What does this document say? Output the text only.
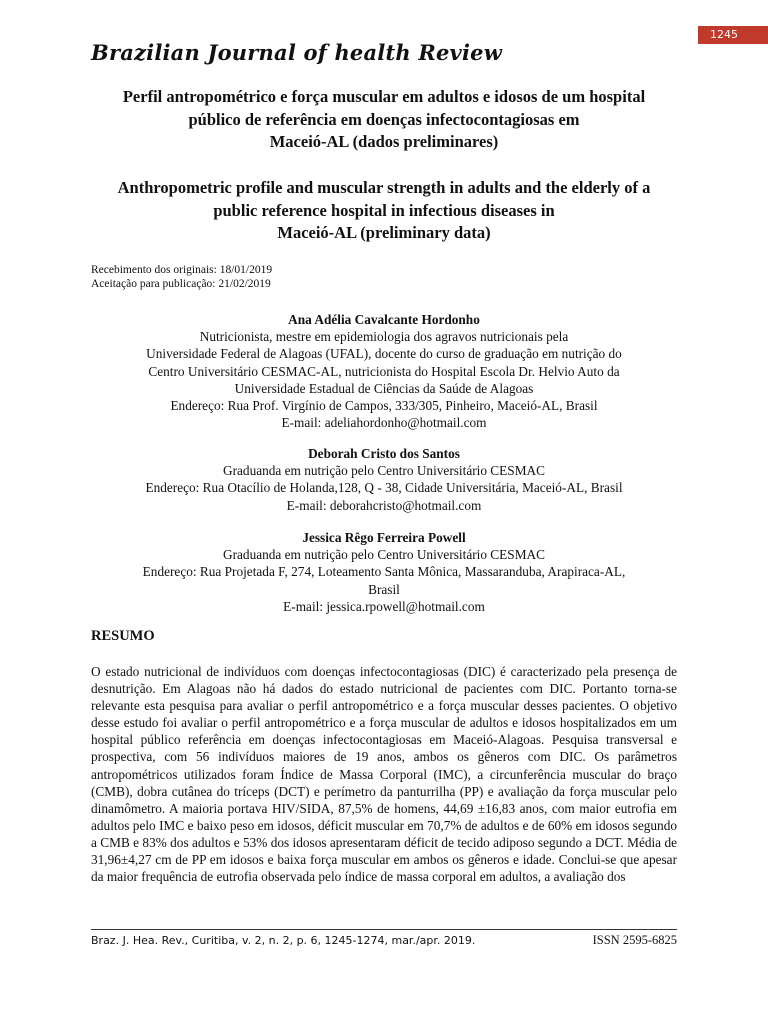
1245
Brazilian Journal of health Review
Perfil antropométrico e força muscular em adultos e idosos de um hospital
público de referência em doenças infectocontagiosas em
Maceió-AL (dados preliminares)
Anthropometric profile and muscular strength in adults and the elderly of a
public reference hospital in infectious diseases in
Maceió-AL (preliminary data)
Recebimento dos originais: 18/01/2019
Aceitação para publicação: 21/02/2019
Ana Adélia Cavalcante Hordonho
Nutricionista, mestre em epidemiologia dos agravos nutricionais pela
Universidade Federal de Alagoas (UFAL), docente do curso de graduação em nutrição do
Centro Universitário CESMAC-AL, nutricionista do Hospital Escola Dr. Helvio Auto da
Universidade Estadual de Ciências da Saúde de Alagoas
Endereço: Rua Prof. Virgínio de Campos, 333/305, Pinheiro, Maceió-AL, Brasil
E-mail: adeliahordonho@hotmail.com
Deborah Cristo dos Santos
Graduanda em nutrição pelo Centro Universitário CESMAC
Endereço: Rua Otacílio de Holanda,128, Q - 38, Cidade Universitária, Maceió-AL, Brasil
E-mail: deborahcristo@hotmail.com
Jessica Rêgo Ferreira Powell
Graduanda em nutrição pelo Centro Universitário CESMAC
Endereço: Rua Projetada F, 274, Loteamento Santa Mônica, Massaranduba, Arapiraca-AL,
Brasil
E-mail: jessica.rpowell@hotmail.com
RESUMO
O estado nutricional de indivíduos com doenças infectocontagiosas (DIC) é caracterizado pela presença de desnutrição. Em Alagoas não há dados do estado nutricional de pacientes com DIC. Portanto torna-se relevante esta pesquisa para avaliar o perfil antropométrico e a força muscular desses pacientes. O objetivo desse estudo foi avaliar o perfil antropométrico e a força muscular de adultos e idosos hospitalizados em um hospital público referência em doenças infectocontagiosas em Maceió-Alagoas. Pesquisa transversal e prospectiva, com 56 indivíduos maiores de 19 anos, ambos os gêneros com DIC. Os parâmetros antropométricos utilizados foram Índice de Massa Corporal (IMC), a circunferência muscular do braço (CMB), dobra cutânea do tríceps (DCT) e perímetro da panturrilha (PP) e avaliação da força muscular pelo dinamômetro. A maioria portava HIV/SIDA, 87,5% de homens, 44,69 ±16,83 anos, com maior eutrofia em adultos pelo IMC e baixo peso em idosos, déficit muscular em 70,7% de adultos e de 60% em idosos segundo a CMB e 83% dos adultos e 53% dos idosos apresentaram déficit de tecido adiposo segundo a DCT. Média de 31,96±4,27 cm de PP em idosos e baixa força muscular em ambos os gêneros e idade. Conclui-se que apesar da maior frequência de eutrofia observada pelo índice de massa corporal em adultos, a avaliação dos
Braz. J. Hea. Rev., Curitiba, v. 2, n. 2, p. 6, 1245-1274, mar./apr. 2019.	ISSN 2595-6825
